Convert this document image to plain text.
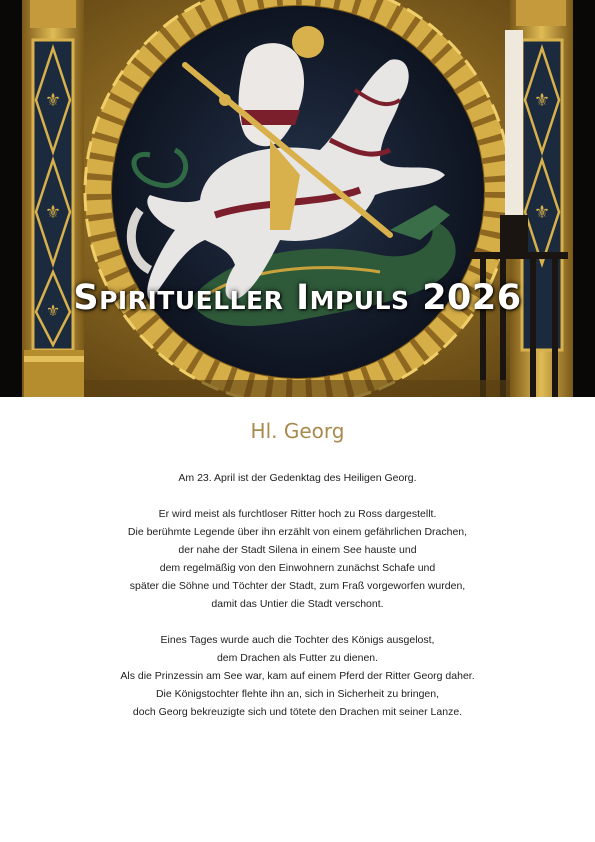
⚜
⚜
⚜
⚜
⚜
Spiritueller Impuls 2026
Hl. Georg
Am 23. April ist der Gedenktag des Heiligen Georg.
Er wird meist als furchtloser Ritter hoch zu Ross dargestellt.
Die berühmte Legende über ihn erzählt von einem gefährlichen Drachen,
der nahe der Stadt Silena in einem See hauste und
dem regelmäßig von den Einwohnern zunächst Schafe und
später die Söhne und Töchter der Stadt, zum Fraß vorgeworfen wurden,
damit das Untier die Stadt verschont.
Eines Tages wurde auch die Tochter des Königs ausgelost,
dem Drachen als Futter zu dienen.
Als die Prinzessin am See war, kam auf einem Pferd der Ritter Georg daher.
Die Königstochter flehte ihn an, sich in Sicherheit zu bringen,
doch Georg bekreuzigte sich und tötete den Drachen mit seiner Lanze.
